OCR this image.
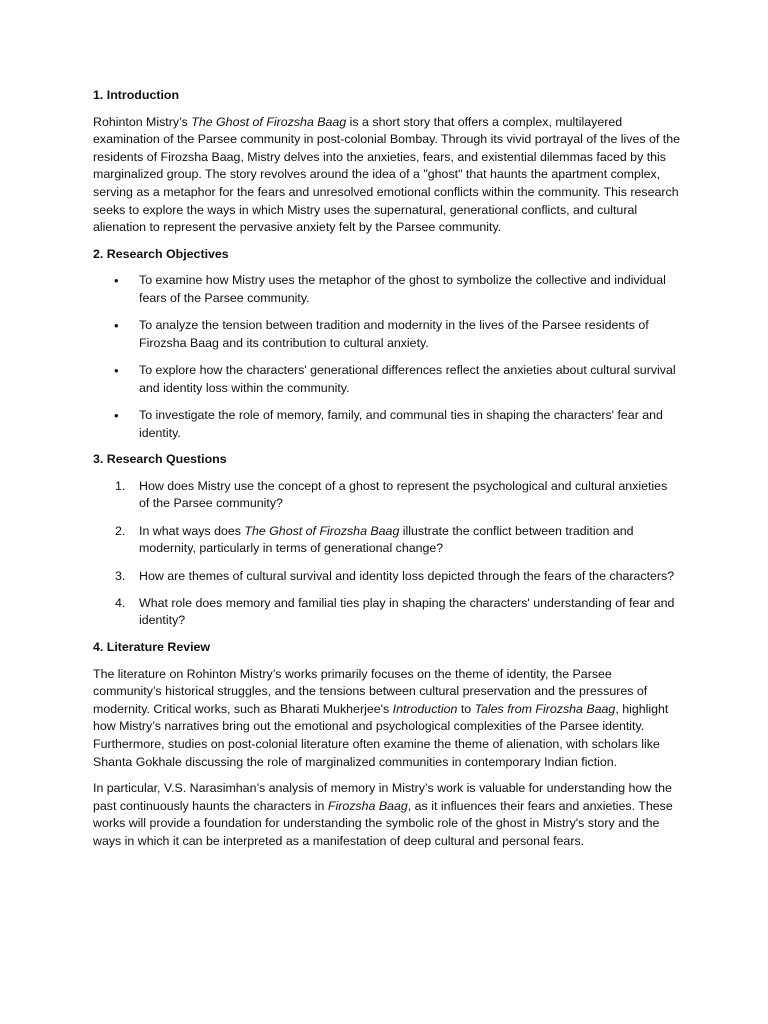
1. Introduction

Rohinton Mistry’s The Ghost of Firozsha Baag is a short story that offers a complex, multilayered examination of the Parsee community in post-colonial Bombay. Through its vivid portrayal of the lives of the residents of Firozsha Baag, Mistry delves into the anxieties, fears, and existential dilemmas faced by this marginalized group. The story revolves around the idea of a "ghost" that haunts the apartment complex, serving as a metaphor for the fears and unresolved emotional conflicts within the community. This research seeks to explore the ways in which Mistry uses the supernatural, generational conflicts, and cultural alienation to represent the pervasive anxiety felt by the Parsee community.

2. Research Objectives
• To examine how Mistry uses the metaphor of the ghost to symbolize the collective and individual fears of the Parsee community.
• To analyze the tension between tradition and modernity in the lives of the Parsee residents of Firozsha Baag and its contribution to cultural anxiety.
• To explore how the characters' generational differences reflect the anxieties about cultural survival and identity loss within the community.
• To investigate the role of memory, family, and communal ties in shaping the characters' fear and identity.
3. Research Questions
1. How does Mistry use the concept of a ghost to represent the psychological and cultural anxieties of the Parsee community?
2. In what ways does The Ghost of Firozsha Baag illustrate the conflict between tradition and modernity, particularly in terms of generational change?
3. How are themes of cultural survival and identity loss depicted through the fears of the characters?
4. What role does memory and familial ties play in shaping the characters' understanding of fear and identity?
4. Literature Review

The literature on Rohinton Mistry’s works primarily focuses on the theme of identity, the Parsee community’s historical struggles, and the tensions between cultural preservation and the pressures of modernity. Critical works, such as Bharati Mukherjee's Introduction to Tales from Firozsha Baag, highlight how Mistry’s narratives bring out the emotional and psychological complexities of the Parsee identity. Furthermore, studies on post-colonial literature often examine the theme of alienation, with scholars like Shanta Gokhale discussing the role of marginalized communities in contemporary Indian fiction.

In particular, V.S. Narasimhan’s analysis of memory in Mistry’s work is valuable for understanding how the past continuously haunts the characters in Firozsha Baag, as it influences their fears and anxieties. These works will provide a foundation for understanding the symbolic role of the ghost in Mistry's story and the ways in which it can be interpreted as a manifestation of deep cultural and personal fears.
